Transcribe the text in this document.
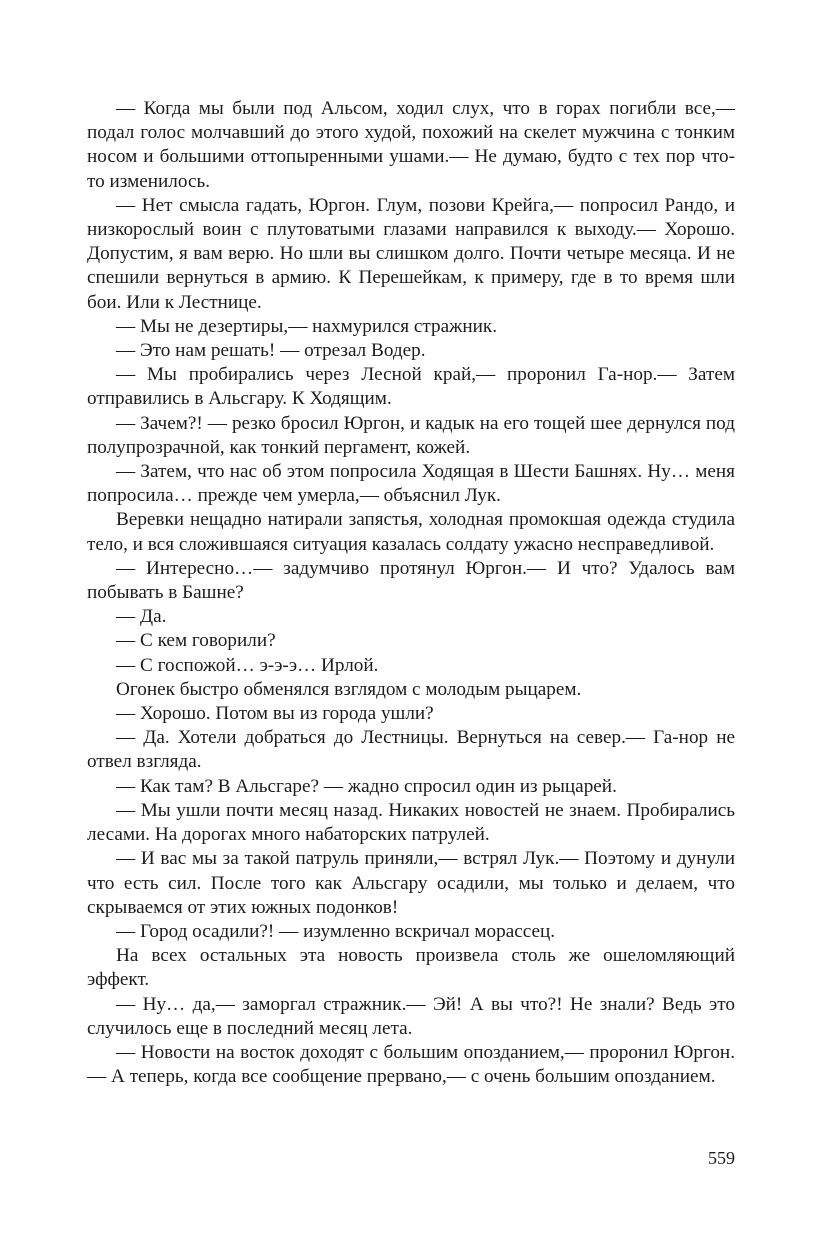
— Когда мы были под Альсом, ходил слух, что в горах погибли все,— подал голос молчавший до этого худой, похожий на скелет мужчина с тонким носом и большими оттопыренными ушами.— Не думаю, будто с тех пор что-то изменилось.

— Нет смысла гадать, Юргон. Глум, позови Крейга,— попросил Рандо, и низкорослый воин с плутоватыми глазами направился к выходу.— Хорошо. Допустим, я вам верю. Но шли вы слишком долго. Почти четыре месяца. И не спешили вернуться в армию. К Перешейкам, к примеру, где в то время шли бои. Или к Лестнице.

— Мы не дезертиры,— нахмурился стражник.

— Это нам решать! — отрезал Водер.

— Мы пробирались через Лесной край,— проронил Га-нор.— Затем отправились в Альсгару. К Ходящим.

— Зачем?! — резко бросил Юргон, и кадык на его тощей шее дернулся под полупрозрачной, как тонкий пергамент, кожей.

— Затем, что нас об этом попросила Ходящая в Шести Башнях. Ну… меня попросила… прежде чем умерла,— объяснил Лук.

Веревки нещадно натирали запястья, холодная промокшая одежда студила тело, и вся сложившаяся ситуация казалась солдату ужасно несправедливой.

— Интересно…— задумчиво протянул Юргон.— И что? Удалось вам побывать в Башне?

— Да.

— С кем говорили?

— С госпожой… э-э-э… Ирлой.

Огонек быстро обменялся взглядом с молодым рыцарем.

— Хорошо. Потом вы из города ушли?

— Да. Хотели добраться до Лестницы. Вернуться на север.— Га-нор не отвел взгляда.

— Как там? В Альсгаре? — жадно спросил один из рыцарей.

— Мы ушли почти месяц назад. Никаких новостей не знаем. Пробирались лесами. На дорогах много набаторских патрулей.

— И вас мы за такой патруль приняли,— встрял Лук.— Поэтому и дунули что есть сил. После того как Альсгару осадили, мы только и делаем, что скрываемся от этих южных подонков!

— Город осадили?! — изумленно вскричал морассец.

На всех остальных эта новость произвела столь же ошеломляющий эффект.

— Ну… да,— заморгал стражник.— Эй! А вы что?! Не знали? Ведь это случилось еще в последний месяц лета.

— Новости на восток доходят с большим опозданием,— проронил Юргон.— А теперь, когда все сообщение прервано,— с очень большим опозданием.

559
